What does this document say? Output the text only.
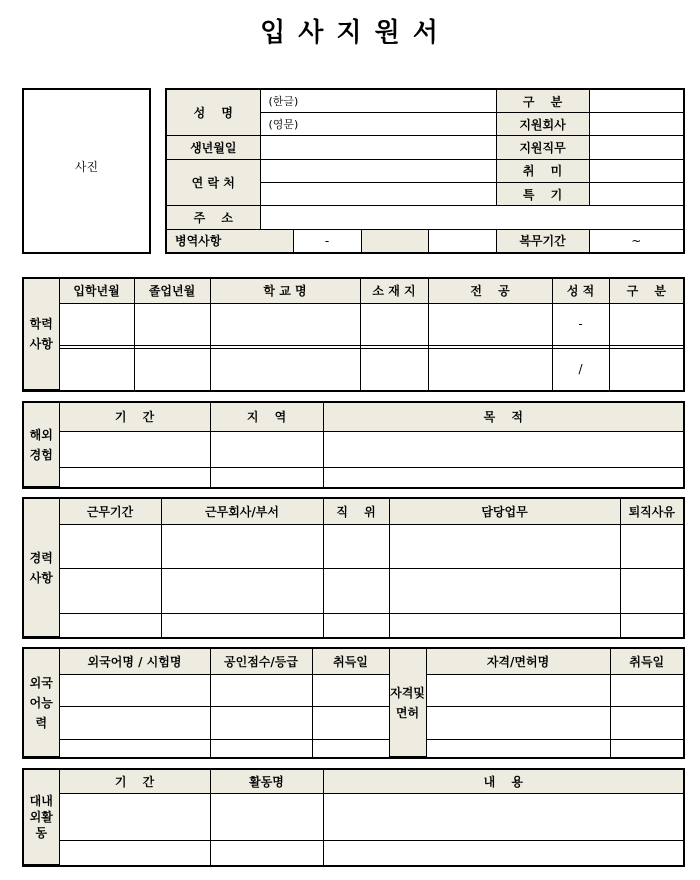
입 사 지 원 서
사진
성　 명	(한글)				구　 분	
	(영문)				지원회사	
생년월일					지원직무	
연 락 처					취　 미	
					특　 기	
주　 소						
병역사항		-			복무기간	~
학력사항	입학년월	졸업년월	학 교 명	소 재 지	전　 공	성 적	구　 분
						-	

						/	
해외경험	기　 간	지　 역	목　 적

경력사항	근무기간	근무회사/부서	직　 위	담당업무	퇴직사유

외국어능력	외국어명 / 시험명	공인점수/등급	취득일	자격및면허	자격/면허명	취득일

대내외활동	기　 간	활동명	내　 용
